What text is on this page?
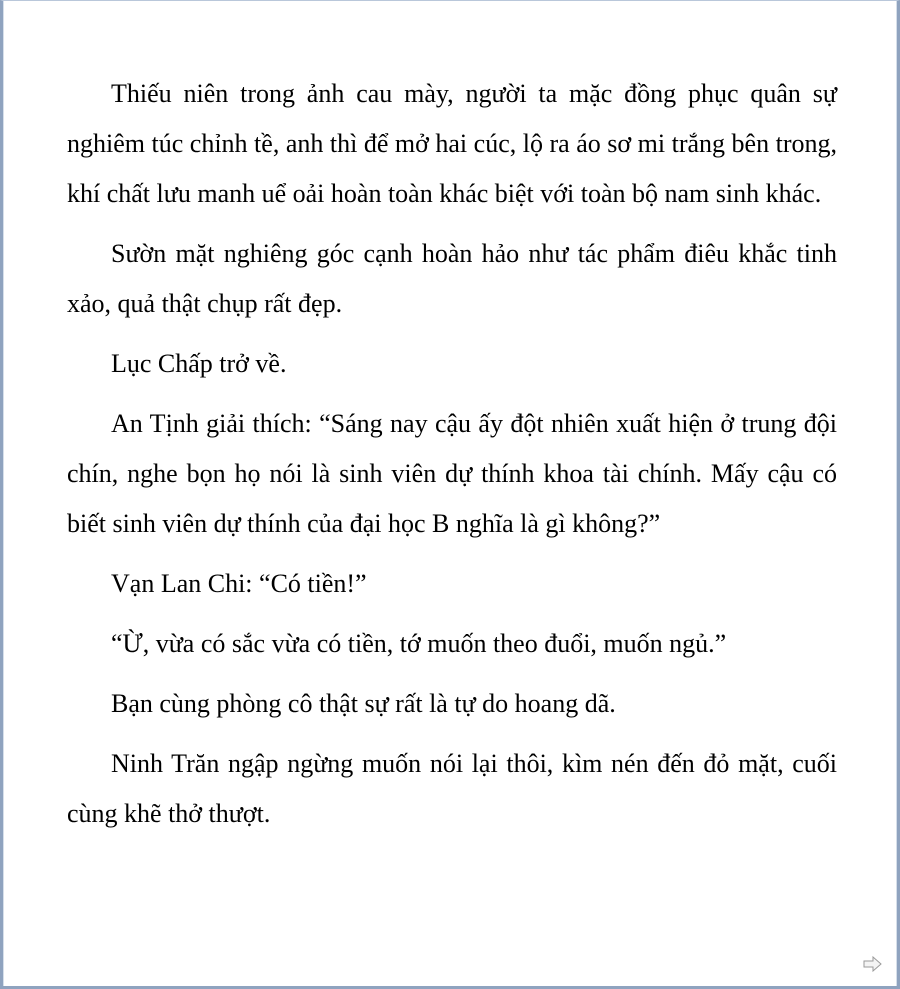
Thiếu niên trong ảnh cau mày, người ta mặc đồng phục quân sự nghiêm túc chỉnh tề, anh thì để mở hai cúc, lộ ra áo sơ mi trắng bên trong, khí chất lưu manh uể oải hoàn toàn khác biệt với toàn bộ nam sinh khác.

Sườn mặt nghiêng góc cạnh hoàn hảo như tác phẩm điêu khắc tinh xảo, quả thật chụp rất đẹp.

Lục Chấp trở về.

An Tịnh giải thích: “Sáng nay cậu ấy đột nhiên xuất hiện ở trung đội chín, nghe bọn họ nói là sinh viên dự thính khoa tài chính. Mấy cậu có biết sinh viên dự thính của đại học B nghĩa là gì không?”

Vạn Lan Chi: “Có tiền!”

“Ừ, vừa có sắc vừa có tiền, tớ muốn theo đuổi, muốn ngủ.”

Bạn cùng phòng cô thật sự rất là tự do hoang dã.

Ninh Trăn ngập ngừng muốn nói lại thôi, kìm nén đến đỏ mặt, cuối cùng khẽ thở thượt.
